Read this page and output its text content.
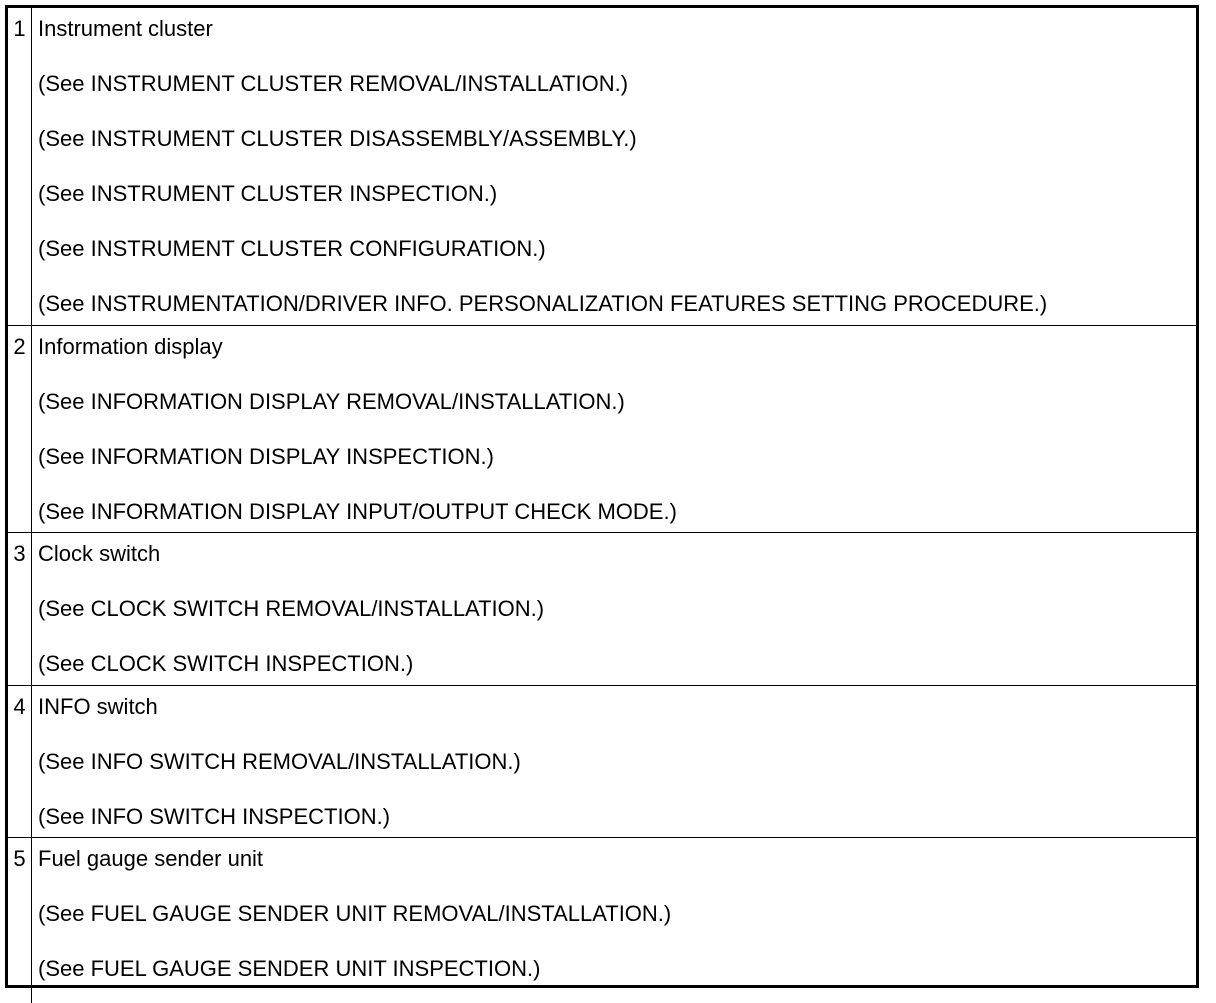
1 Instrument cluster
(See INSTRUMENT CLUSTER REMOVAL/INSTALLATION.)
(See INSTRUMENT CLUSTER DISASSEMBLY/ASSEMBLY.)
(See INSTRUMENT CLUSTER INSPECTION.)
(See INSTRUMENT CLUSTER CONFIGURATION.)
(See INSTRUMENTATION/DRIVER INFO. PERSONALIZATION FEATURES SETTING PROCEDURE.)
2 Information display
(See INFORMATION DISPLAY REMOVAL/INSTALLATION.)
(See INFORMATION DISPLAY INSPECTION.)
(See INFORMATION DISPLAY INPUT/OUTPUT CHECK MODE.)
3 Clock switch
(See CLOCK SWITCH REMOVAL/INSTALLATION.)
(See CLOCK SWITCH INSPECTION.)
4 INFO switch
(See INFO SWITCH REMOVAL/INSTALLATION.)
(See INFO SWITCH INSPECTION.)
5 Fuel gauge sender unit
(See FUEL GAUGE SENDER UNIT REMOVAL/INSTALLATION.)
(See FUEL GAUGE SENDER UNIT INSPECTION.)
